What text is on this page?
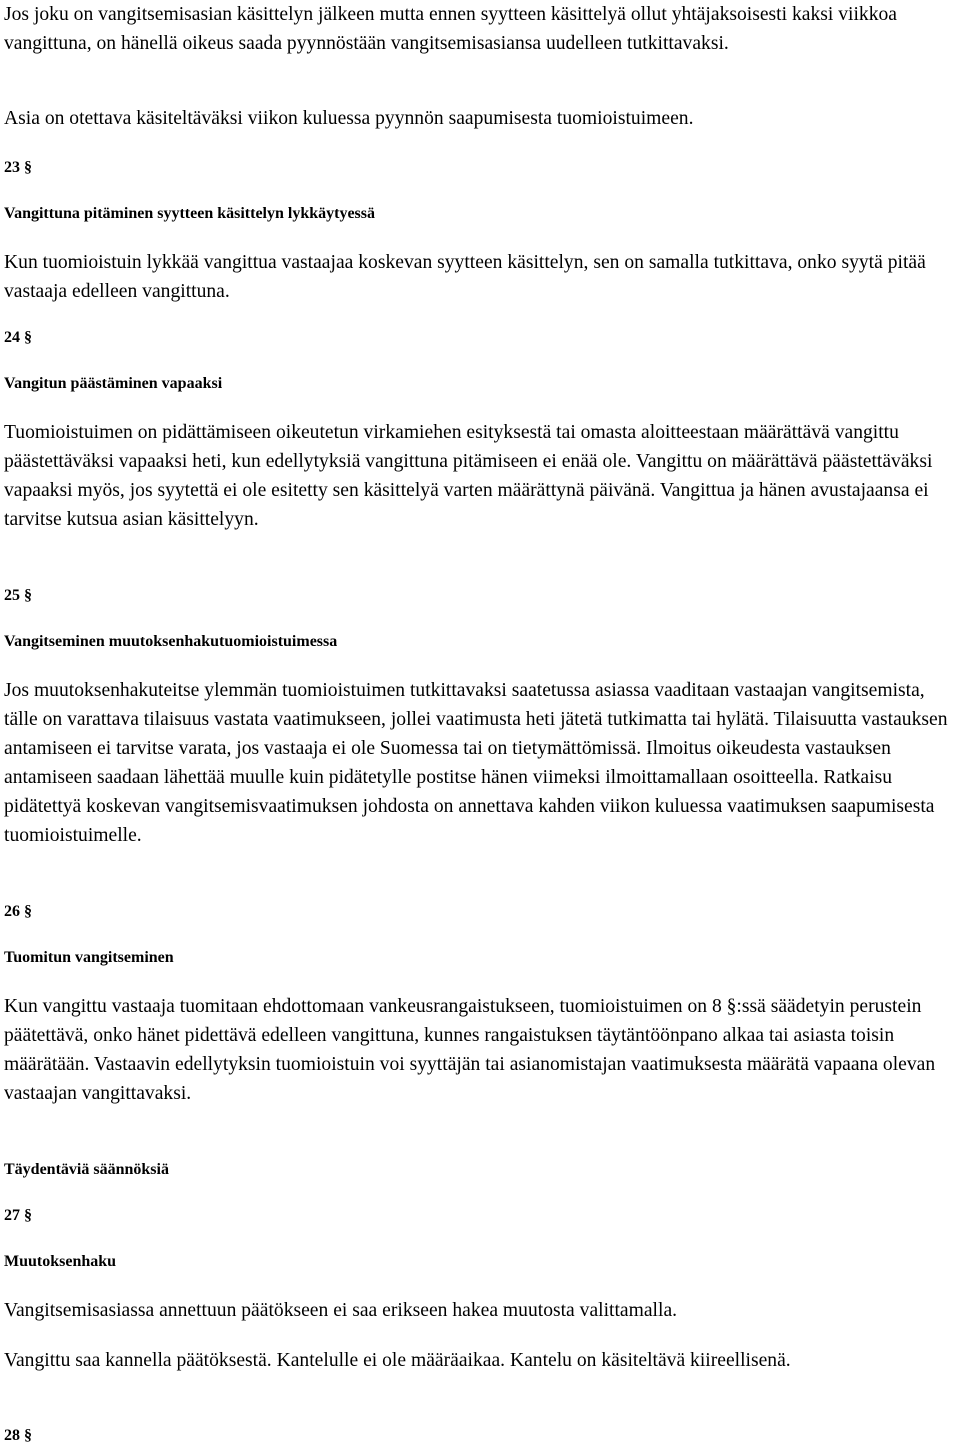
Jos joku on vangitsemisasian käsittelyn jälkeen mutta ennen syytteen käsittelyä ollut yhtäjaksoisesti kaksi viikkoa vangittuna, on hänellä oikeus saada pyynnöstään vangitsemisasiansa uudelleen tutkittavaksi.

Asia on otettava käsiteltäväksi viikon kuluessa pyynnön saapumisesta tuomioistuimeen.

23 §

Vangittuna pitäminen syytteen käsittelyn lykkäytyessä

Kun tuomioistuin lykkää vangittua vastaajaa koskevan syytteen käsittelyn, sen on samalla tutkittava, onko syytä pitää vastaaja edelleen vangittuna.

24 §

Vangitun päästäminen vapaaksi

Tuomioistuimen on pidättämiseen oikeutetun virkamiehen esityksestä tai omasta aloitteestaan määrättävä vangittu päästettäväksi vapaaksi heti, kun edellytyksiä vangittuna pitämiseen ei enää ole. Vangittu on määrättävä päästettäväksi vapaaksi myös, jos syytettä ei ole esitetty sen käsittelyä varten määrättynä päivänä. Vangittua ja hänen avustajaansa ei tarvitse kutsua asian käsittelyyn.

25 §

Vangitseminen muutoksenhakutuomioistuimessa

Jos muutoksenhakuteitse ylemmän tuomioistuimen tutkittavaksi saatetussa asiassa vaaditaan vastaajan vangitsemista, tälle on varattava tilaisuus vastata vaatimukseen, jollei vaatimusta heti jätetä tutkimatta tai hylätä. Tilaisuutta vastauksen antamiseen ei tarvitse varata, jos vastaaja ei ole Suomessa tai on tietymättömissä. Ilmoitus oikeudesta vastauksen antamiseen saadaan lähettää muulle kuin pidätetylle postitse hänen viimeksi ilmoittamallaan osoitteella. Ratkaisu pidätettyä koskevan vangitsemisvaatimuksen johdosta on annettava kahden viikon kuluessa vaatimuksen saapumisesta tuomioistuimelle.

26 §

Tuomitun vangitseminen

Kun vangittu vastaaja tuomitaan ehdottomaan vankeusrangaistukseen, tuomioistuimen on 8 §:ssä säädetyin perustein päätettävä, onko hänet pidettävä edelleen vangittuna, kunnes rangaistuksen täytäntöönpano alkaa tai asiasta toisin määrätään. Vastaavin edellytyksin tuomioistuin voi syyttäjän tai asianomistajan vaatimuksesta määrätä vapaana olevan vastaajan vangittavaksi.

Täydentäviä säännöksiä

27 §

Muutoksenhaku

Vangitsemisasiassa annettuun päätökseen ei saa erikseen hakea muutosta valittamalla.

Vangittu saa kannella päätöksestä. Kantelulle ei ole määräaikaa. Kantelu on käsiteltävä kiireellisenä.

28 §
